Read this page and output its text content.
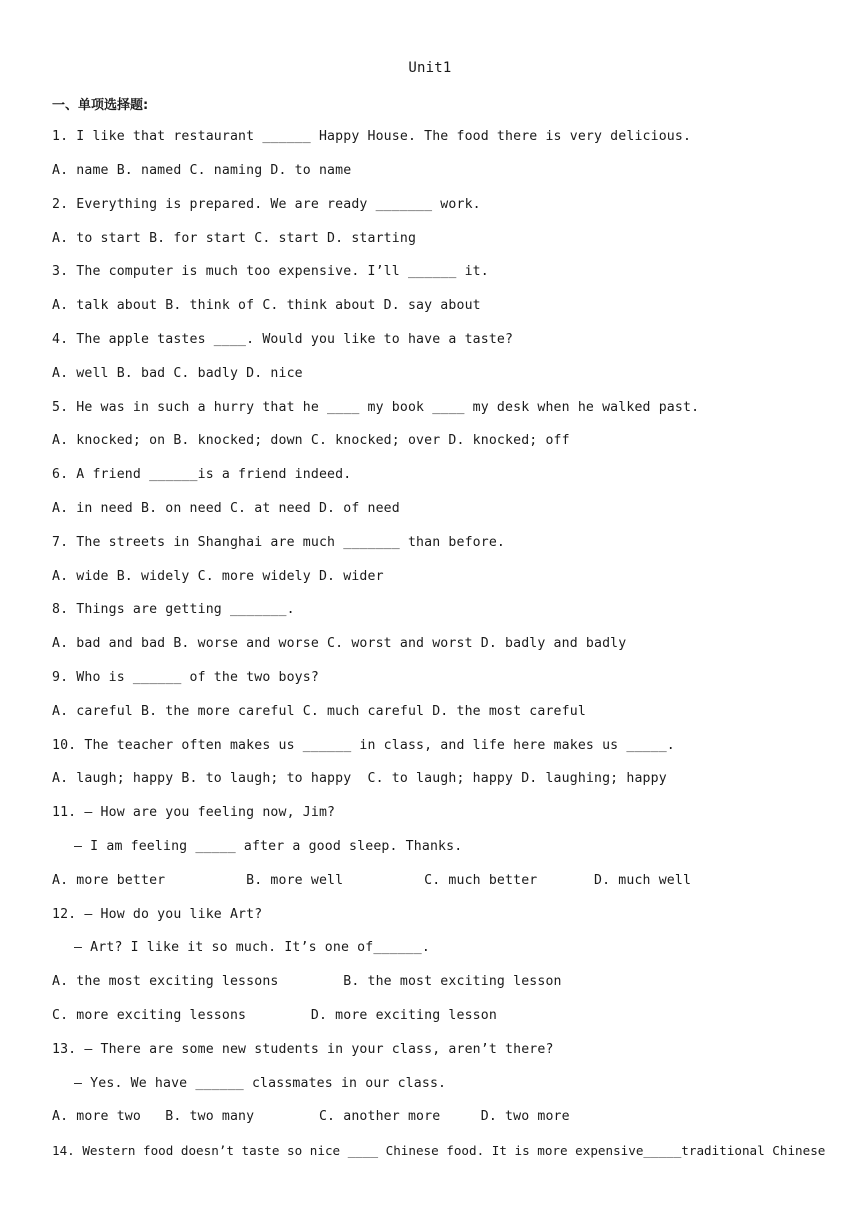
Unit1
一、单项选择题:
1. I like that restaurant ______ Happy House. The food there is very delicious.
A. name B. named C. naming D. to name
2. Everything is prepared. We are ready _______ work.
A. to start B. for start C. start D. starting
3. The computer is much too expensive. I’ll ______ it.
A. talk about B. think of C. think about D. say about
4. The apple tastes ____. Would you like to have a taste?
A. well B. bad C. badly D. nice
5. He was in such a hurry that he ____ my book ____ my desk when he walked past.
A. knocked; on B. knocked; down C. knocked; over D. knocked; off
6. A friend ______is a friend indeed.
A. in need B. on need C. at need D. of need
7. The streets in Shanghai are much _______ than before.
A. wide B. widely C. more widely D. wider
8. Things are getting _______.
A. bad and bad B. worse and worse C. worst and worst D. badly and badly
9. Who is ______ of the two boys?
A. careful B. the more careful C. much careful D. the most careful
10. The teacher often makes us ______ in class, and life here makes us _____.
A. laugh; happy B. to laugh; to happy  C. to laugh; happy D. laughing; happy
11. – How are you feeling now, Jim?
– I am feeling _____ after a good sleep. Thanks.
A. more better          B. more well          C. much better       D. much well
12. – How do you like Art?
– Art? I like it so much. It’s one of______.
A. the most exciting lessons        B. the most exciting lesson
C. more exciting lessons        D. more exciting lesson
13. – There are some new students in your class, aren’t there?
– Yes. We have ______ classmates in our class.
A. more two   B. two many        C. another more     D. two more
14. Western food doesn’t taste so nice ____ Chinese food. It is more expensive_____traditional Chinese
